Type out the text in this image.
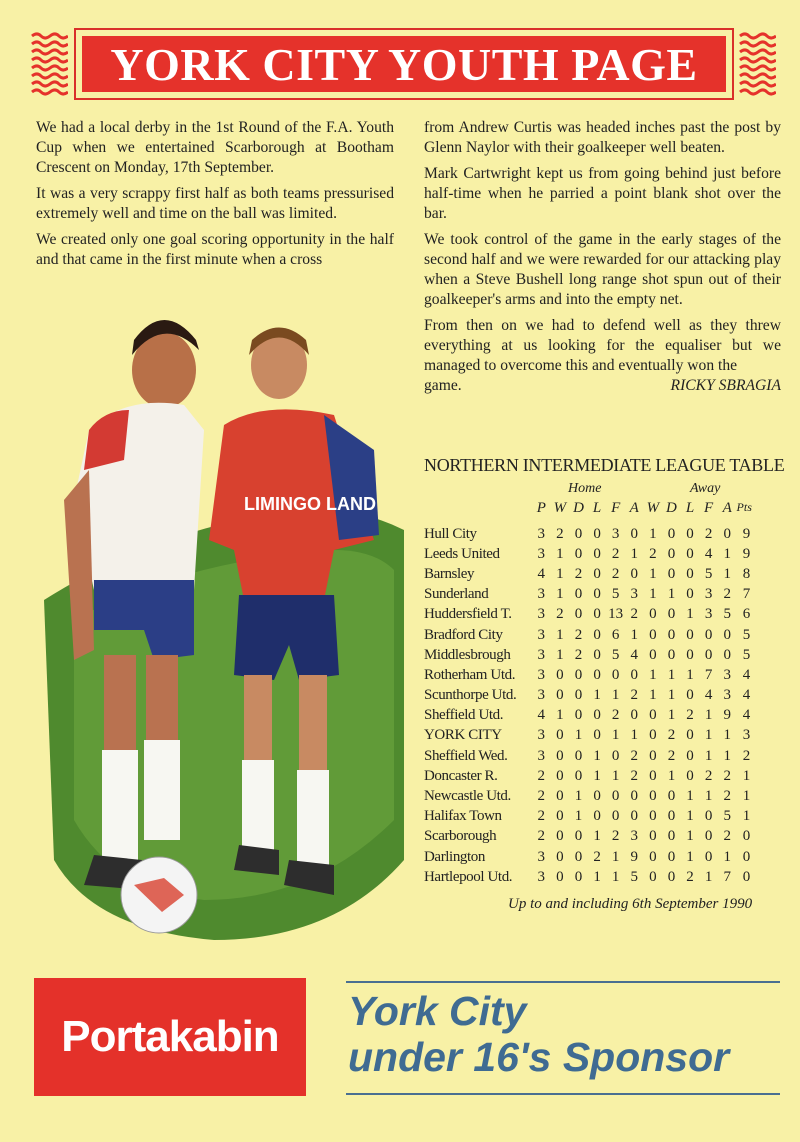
YORK CITY YOUTH PAGE

We had a local derby in the 1st Round of the F.A. Youth Cup when we entertained Scarborough at Bootham Crescent on Monday, 17th September.

It was a very scrappy first half as both teams pressurised extremely well and time on the ball was limited.

We created only one goal scoring opportunity in the half and that came in the first minute when a cross

from Andrew Curtis was headed inches past the post by Glenn Naylor with their goalkeeper well beaten.

Mark Cartwright kept us from going behind just before half-time when he parried a point blank shot over the bar.

We took control of the game in the early stages of the second half and we were rewarded for our attacking play when a Steve Bushell long range shot spun out of their goalkeeper's arms and into the empty net.

From then on we had to defend well as they threw everything at us looking for the equaliser but we managed to overcome this and eventually won the

game.	RICKY SBRAGIA
LIMINGO LAND
NORTHERN INTERMEDIATE LEAGUE TABLE
Home	Away
P W D L F A W D L F A Pts
Hull City	3 2 0 0 3 0 1 0 0 2 0 9
Leeds United	3 1 0 0 2 1 2 0 0 4 1 9
Barnsley	4 1 2 0 2 0 1 0 0 5 1 8
Sunderland	3 1 0 0 5 3 1 1 0 3 2 7
Huddersfield T.	3 2 0 0 13 2 0 0 1 3 5 6
Bradford City	3 1 2 0 6 1 0 0 0 0 0 5
Middlesbrough	3 1 2 0 5 4 0 0 0 0 0 5
Rotherham Utd.	3 0 0 0 0 0 1 1 1 7 3 4
Scunthorpe Utd.	3 0 0 1 1 2 1 1 0 4 3 4
Sheffield Utd.	4 1 0 0 2 0 0 1 2 1 9 4
YORK CITY	3 0 1 0 1 1 0 2 0 1 1 3
Sheffield Wed.	3 0 0 1 0 2 0 2 0 1 1 2
Doncaster R.	2 0 0 1 1 2 0 1 0 2 2 1
Newcastle Utd.	2 0 1 0 0 0 0 0 1 1 2 1
Halifax Town	2 0 1 0 0 0 0 0 1 0 5 1
Scarborough	2 0 0 1 2 3 0 0 1 0 2 0
Darlington	3 0 0 2 1 9 0 0 1 0 1 0
Hartlepool Utd.	3 0 0 1 1 5 0 0 2 1 7 0
Up to and including 6th September 1990
Portakabin
York City
under 16's Sponsor
